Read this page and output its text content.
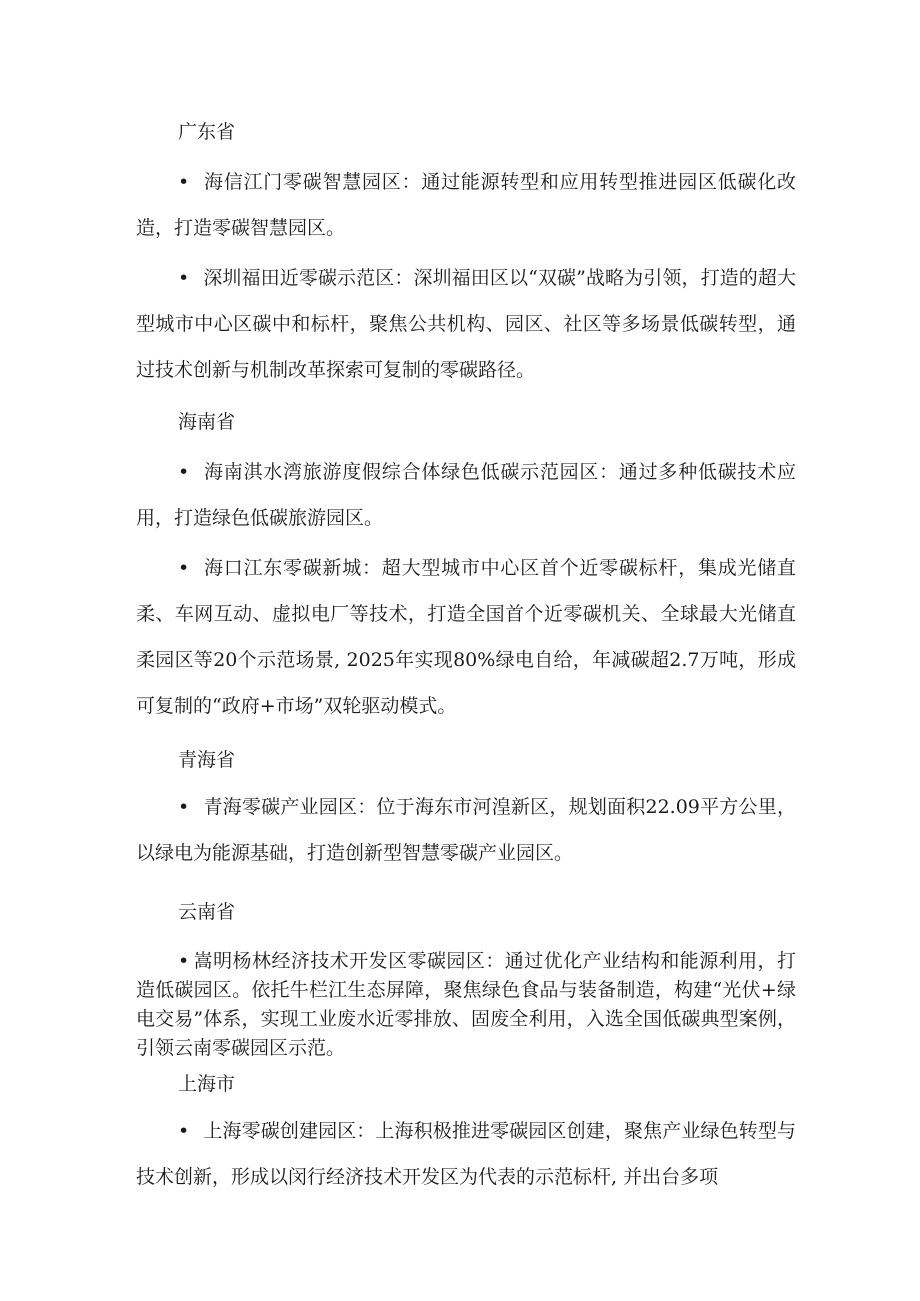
广东省
• 海信江门零碳智慧园区：通过能源转型和应用转型推进园区低碳化改造，打造零碳智慧园区。
• 深圳福田近零碳示范区：深圳福田区以“双碳”战略为引领，打造的超大型城市中心区碳中和标杆，聚焦公共机构、园区、社区等多场景低碳转型，通过技术创新与机制改革探索可复制的零碳路径。
海南省
• 海南淇水湾旅游度假综合体绿色低碳示范园区：通过多种低碳技术应用，打造绿色低碳旅游园区。
• 海口江东零碳新城：超大型城市中心区首个近零碳标杆，集成光储直柔、车网互动、虚拟电厂等技术，打造全国首个近零碳机关、全球最大光储直柔园区等20个示范场景, 2025年实现80%绿电自给，年减碳超2.7万吨，形成可复制的“政府+市场”双轮驱动模式。
青海省
• 青海零碳产业园区：位于海东市河湟新区，规划面积22.09平方公里，以绿电为能源基础，打造创新型智慧零碳产业园区。
云南省
• 嵩明杨林经济技术开发区零碳园区：通过优化产业结构和能源利用，打造低碳园区。依托牛栏江生态屏障，聚焦绿色食品与装备制造，构建“光伏+绿电交易”体系，实现工业废水近零排放、固废全利用，入选全国低碳典型案例，引领云南零碳园区示范。
上海市
• 上海零碳创建园区：上海积极推进零碳园区创建，聚焦产业绿色转型与技术创新，形成以闵行经济技术开发区为代表的示范标杆, 并出台多项
